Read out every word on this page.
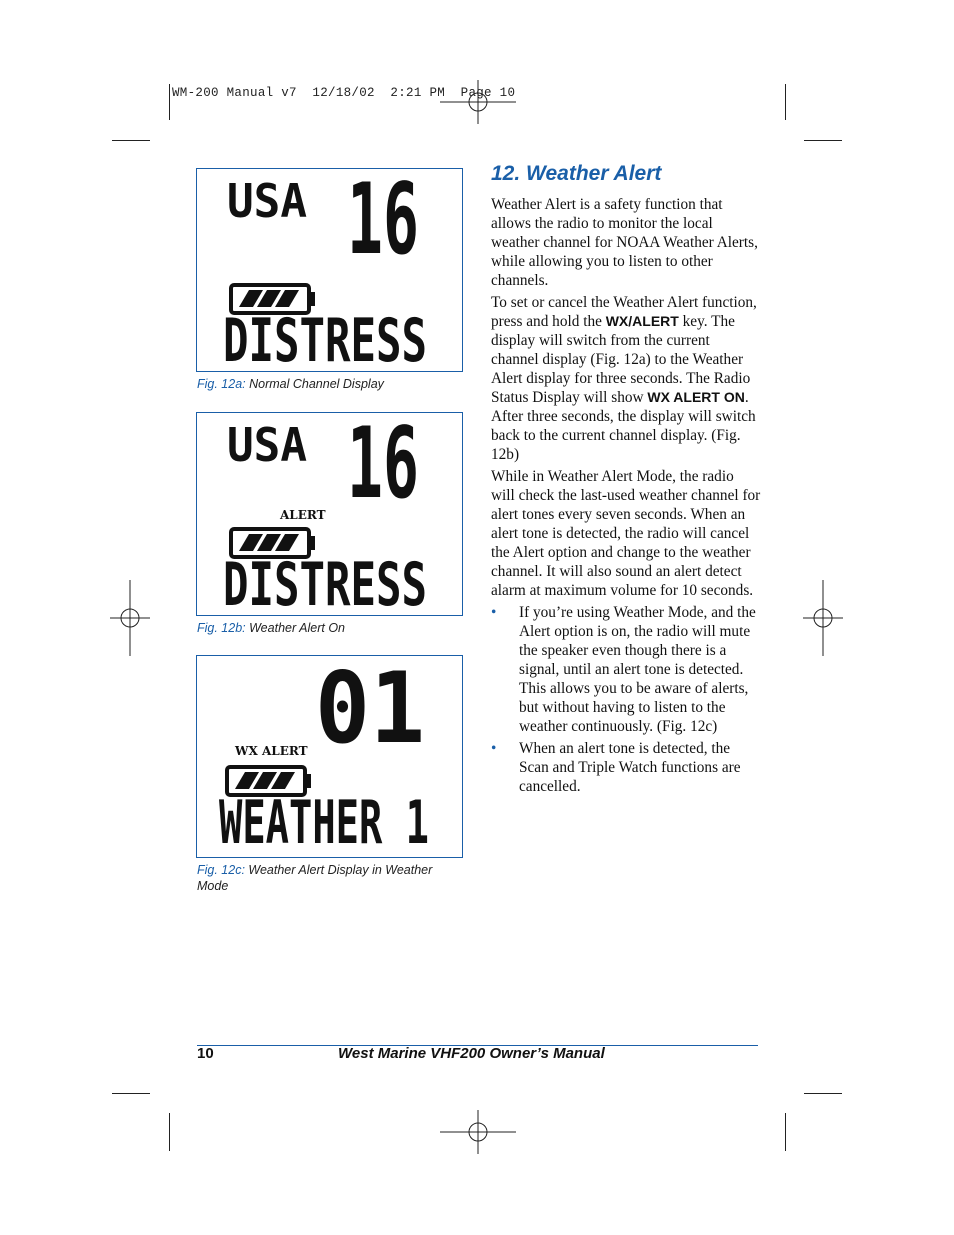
WM-200 Manual v7  12/18/02  2:21 PM  Page 10
USA 16
DISTRESS
Fig. 12a: Normal Channel Display
USA 16
ALERT
DISTRESS
Fig. 12b: Weather Alert On
01
WX ALERT
WEATHER 1
Fig. 12c: Weather Alert Display in Weather Mode
12. Weather Alert

Weather Alert is a safety function that allows the radio to monitor the local weather channel for NOAA Weather Alerts, while allowing you to listen to other channels.

To set or cancel the Weather Alert function, press and hold the WX/ALERT key. The display will switch from the current channel display (Fig. 12a) to the Weather Alert display for three seconds. The Radio Status Display will show WX ALERT ON. After three seconds, the display will switch back to the current channel display. (Fig. 12b)

While in Weather Alert Mode, the radio will check the last-used weather channel for alert tones every seven seconds. When an alert tone is detected, the radio will cancel the Alert option and change to the weather channel. It will also sound an alert detect alarm at maximum volume for 10 seconds.

• If you’re using Weather Mode, and the Alert option is on, the radio will mute the speaker even though there is a signal, until an alert tone is detected. This allows you to be aware of alerts, but without having to listen to the weather continuously. (Fig. 12c)
• When an alert tone is detected, the Scan and Triple Watch functions are cancelled.
10	West Marine VHF200 Owner’s Manual
